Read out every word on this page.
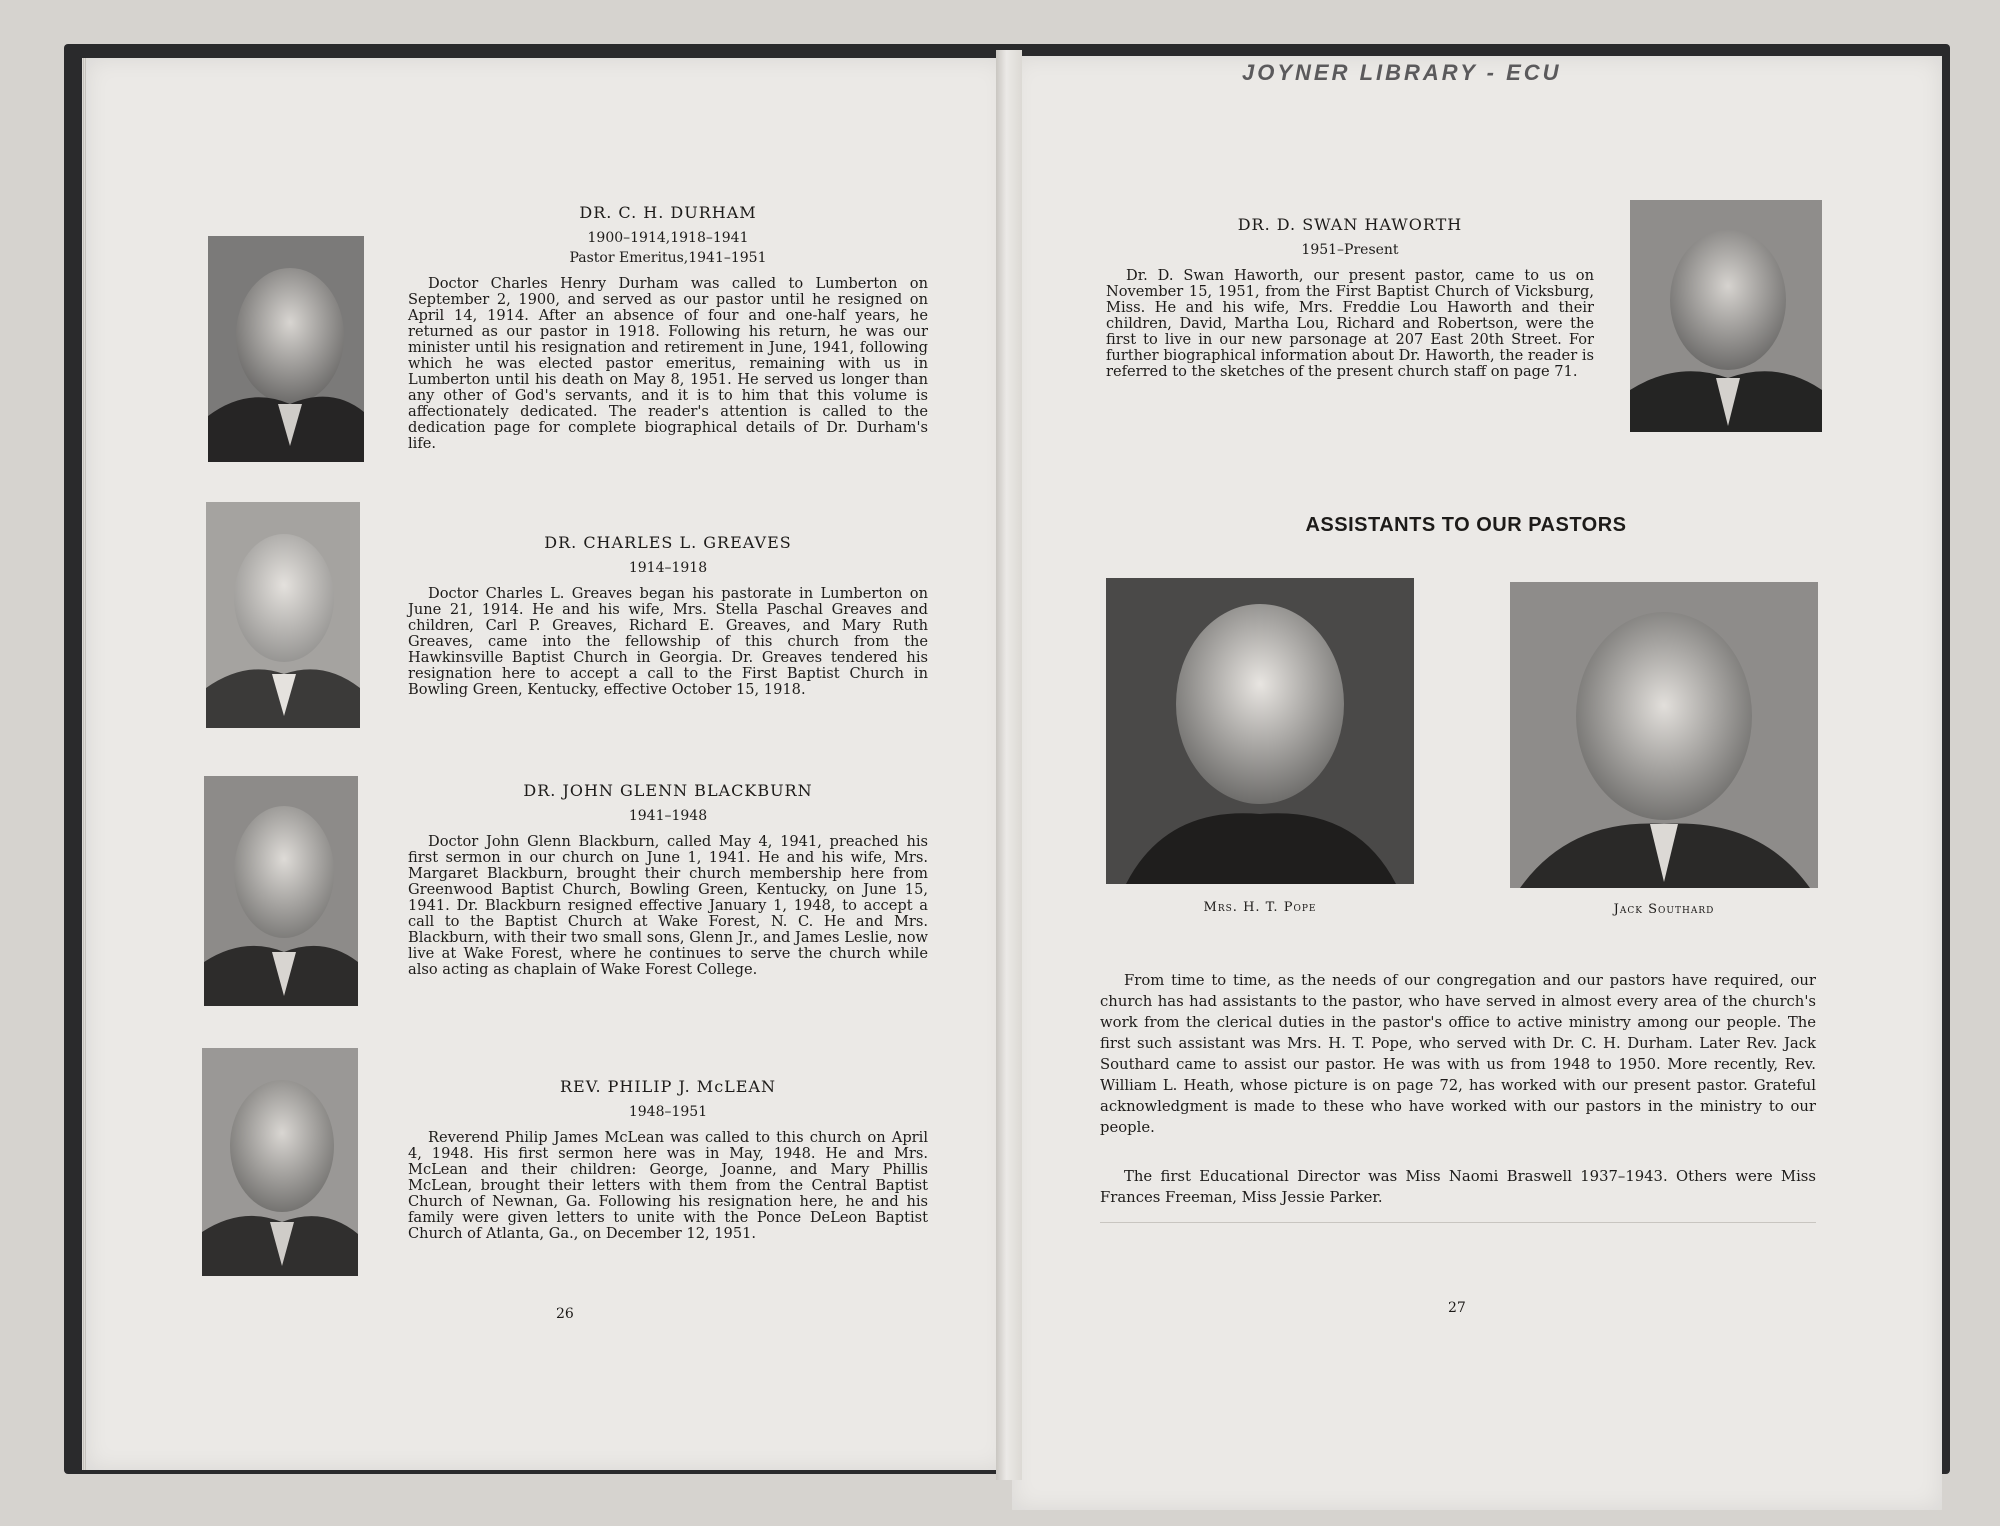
JOYNER LIBRARY - ECU

DR. C. H. DURHAM

1900–1914,1918–1941

Pastor Emeritus,1941–1951

Doctor Charles Henry Durham was called to Lumberton on September 2, 1900, and served as our pastor until he resigned on April 14, 1914. After an absence of four and one-half years, he returned as our pastor in 1918. Following his return, he was our minister until his resignation and retirement in June, 1941, following which he was elected pastor emeritus, remaining with us in Lumberton until his death on May 8, 1951. He served us longer than any other of God's servants, and it is to him that this volume is affectionately dedicated. The reader's attention is called to the dedication page for complete biographical details of Dr. Durham's life.

DR. CHARLES L. GREAVES

1914–1918

Doctor Charles L. Greaves began his pastorate in Lumberton on June 21, 1914. He and his wife, Mrs. Stella Paschal Greaves and children, Carl P. Greaves, Richard E. Greaves, and Mary Ruth Greaves, came into the fellowship of this church from the Hawkinsville Baptist Church in Georgia. Dr. Greaves tendered his resignation here to accept a call to the First Baptist Church in Bowling Green, Kentucky, effective October 15, 1918.

DR. JOHN GLENN BLACKBURN

1941–1948

Doctor John Glenn Blackburn, called May 4, 1941, preached his first sermon in our church on June 1, 1941. He and his wife, Mrs. Margaret Blackburn, brought their church membership here from Greenwood Baptist Church, Bowling Green, Kentucky, on June 15, 1941. Dr. Blackburn resigned effective January 1, 1948, to accept a call to the Baptist Church at Wake Forest, N. C. He and Mrs. Blackburn, with their two small sons, Glenn Jr., and James Leslie, now live at Wake Forest, where he continues to serve the church while also acting as chaplain of Wake Forest College.

REV. PHILIP J. McLEAN

1948–1951

Reverend Philip James McLean was called to this church on April 4, 1948. His first sermon here was in May, 1948. He and Mrs. McLean and their children: George, Joanne, and Mary Phillis McLean, brought their letters with them from the Central Baptist Church of Newnan, Ga. Following his resignation here, he and his family were given letters to unite with the Ponce DeLeon Baptist Church of Atlanta, Ga., on December 12, 1951.

26

DR. D. SWAN HAWORTH

1951–Present

Dr. D. Swan Haworth, our present pastor, came to us on November 15, 1951, from the First Baptist Church of Vicksburg, Miss. He and his wife, Mrs. Freddie Lou Haworth and their children, David, Martha Lou, Richard and Robertson, were the first to live in our new parsonage at 207 East 20th Street. For further biographical information about Dr. Haworth, the reader is referred to the sketches of the present church staff on page 71.

ASSISTANTS TO OUR PASTORS
Mrs. H. T. Pope	Jack Southard

From time to time, as the needs of our congregation and our pastors have required, our church has had assistants to the pastor, who have served in almost every area of the church's work from the clerical duties in the pastor's office to active ministry among our people. The first such assistant was Mrs. H. T. Pope, who served with Dr. C. H. Durham. Later Rev. Jack Southard came to assist our pastor. He was with us from 1948 to 1950. More recently, Rev. William L. Heath, whose picture is on page 72, has worked with our present pastor. Grateful acknowledgment is made to these who have worked with our pastors in the ministry to our people.

The first Educational Director was Miss Naomi Braswell 1937–1943. Others were Miss Frances Freeman, Miss Jessie Parker.

27
